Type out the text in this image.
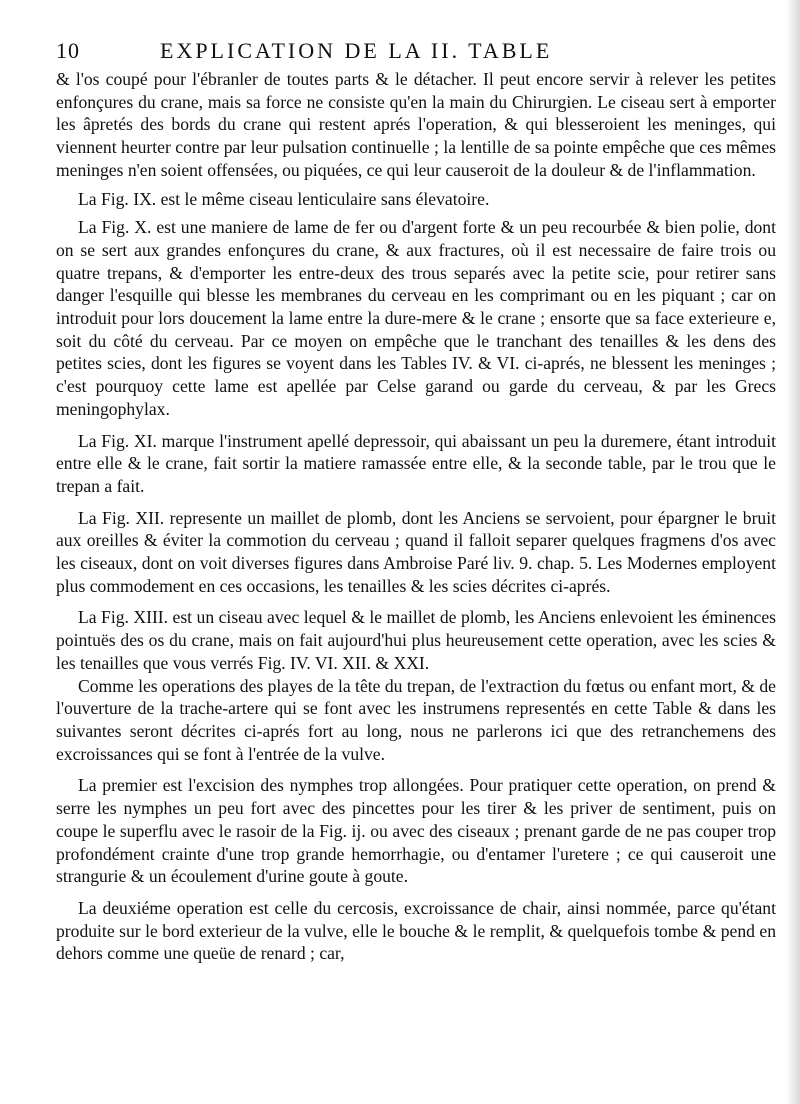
10	EXPLICATION DE LA II. TABLE

& l'os coupé pour l'ébranler de toutes parts & le détacher. Il peut encore servir à relever les petites enfonçures du crane, mais sa force ne consiste qu'en la main du Chirurgien. Le ciseau sert à emporter les âpretés des bords du crane qui restent aprés l'operation, & qui blesseroient les meninges, qui viennent heurter contre par leur pulsation continuelle ; la lentille de sa pointe empêche que ces mêmes meninges n'en soient offensées, ou piquées, ce qui leur causeroit de la douleur & de l'inflammation.

La Fig. IX. est le même ciseau lenticulaire sans élevatoire.

La Fig. X. est une maniere de lame de fer ou d'argent forte & un peu recourbée & bien polie, dont on se sert aux grandes enfonçures du crane, & aux fractures, où il est necessaire de faire trois ou quatre trepans, & d'emporter les entre-deux des trous separés avec la petite scie, pour retirer sans danger l'esquille qui blesse les membranes du cerveau en les comprimant ou en les piquant ; car on introduit pour lors doucement la lame entre la dure-mere & le crane ; ensorte que sa face exterieure e, soit du côté du cerveau. Par ce moyen on empêche que le tranchant des tenailles & les dens des petites scies, dont les figures se voyent dans les Tables IV. & VI. ci-aprés, ne blessent les meninges ; c'est pourquoy cette lame est apellée par Celse garand ou garde du cerveau, & par les Grecs meningophylax.

La Fig. XI. marque l'instrument apellé depressoir, qui abaissant un peu la duremere, étant introduit entre elle & le crane, fait sortir la matiere ramassée entre elle, & la seconde table, par le trou que le trepan a fait.

La Fig. XII. represente un maillet de plomb, dont les Anciens se servoient, pour épargner le bruit aux oreilles & éviter la commotion du cerveau ; quand il falloit separer quelques fragmens d'os avec les ciseaux, dont on voit diverses figures dans Ambroise Paré liv. 9. chap. 5. Les Modernes employent plus commodement en ces occasions, les tenailles & les scies décrites ci-aprés.

La Fig. XIII. est un ciseau avec lequel & le maillet de plomb, les Anciens enlevoient les éminences pointuës des os du crane, mais on fait aujourd'hui plus heureusement cette operation, avec les scies & les tenailles que vous verrés Fig. IV. VI. XII. & XXI.

Comme les operations des playes de la tête du trepan, de l'extraction du fœtus ou enfant mort, & de l'ouverture de la trache-artere qui se font avec les instrumens representés en cette Table & dans les suivantes seront décrites ci-aprés fort au long, nous ne parlerons ici que des retranchemens des excroissances qui se font à l'entrée de la vulve.

La premier est l'excision des nymphes trop allongées. Pour pratiquer cette operation, on prend & serre les nymphes un peu fort avec des pincettes pour les tirer & les priver de sentiment, puis on coupe le superflu avec le rasoir de la Fig. ij. ou avec des ciseaux ; prenant garde de ne pas couper trop profondément crainte d'une trop grande hemorrhagie, ou d'entamer l'uretere ; ce qui causeroit une strangurie & un écoulement d'urine goute à goute.

La deuxiéme operation est celle du cercosis, excroissance de chair, ainsi nommée, parce qu'étant produite sur le bord exterieur de la vulve, elle le bouche & le remplit, & quelquefois tombe & pend en dehors comme une queüe de renard ; car,
